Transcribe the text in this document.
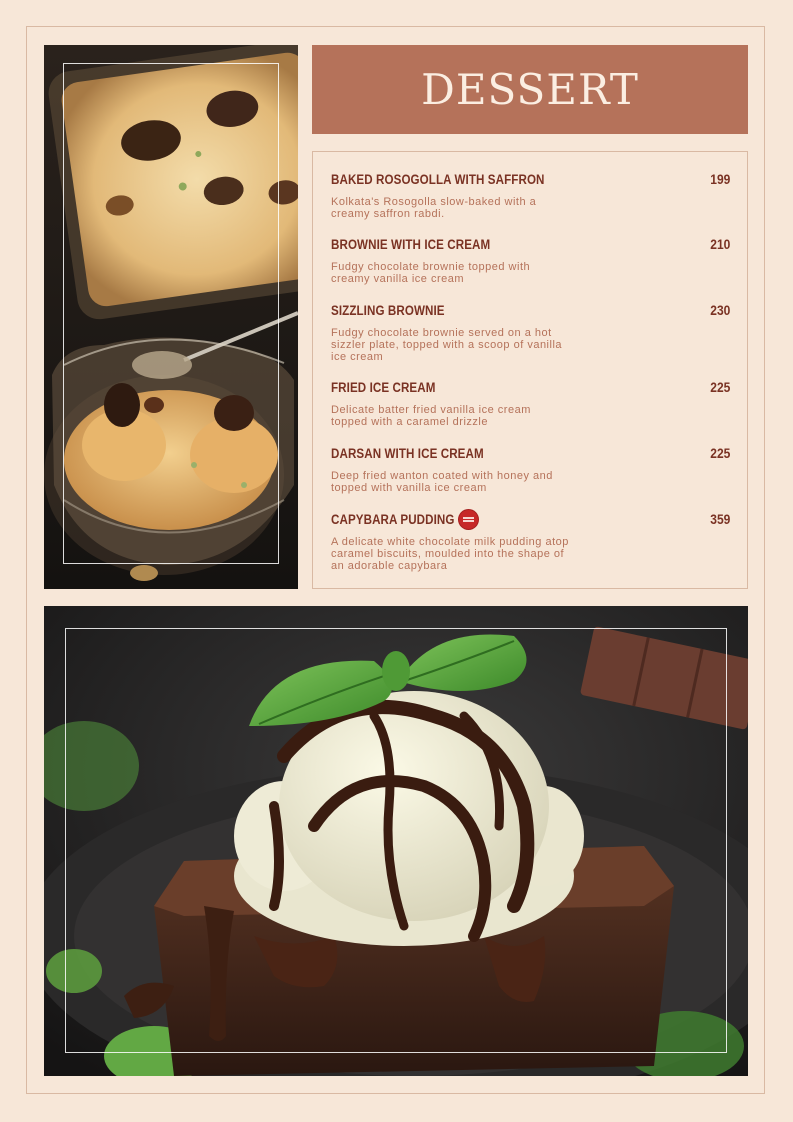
DESSERT
BAKED ROSOGOLLA WITH SAFFRON	199
Kolkata's Rosogolla slow-baked with a creamy saffron rabdi.
BROWNIE WITH ICE CREAM	210
Fudgy chocolate brownie topped with creamy vanilla ice cream
SIZZLING BROWNIE	230
Fudgy chocolate brownie served on a hot sizzler plate, topped with a scoop of vanilla ice cream
FRIED ICE CREAM	225
Delicate batter fried vanilla ice cream topped with a caramel drizzle
DARSAN WITH ICE CREAM	225
Deep fried wanton coated with honey and topped with vanilla ice cream
CAPYBARA PUDDING	359
A delicate white chocolate milk pudding atop caramel biscuits, moulded into the shape of an adorable capybara
